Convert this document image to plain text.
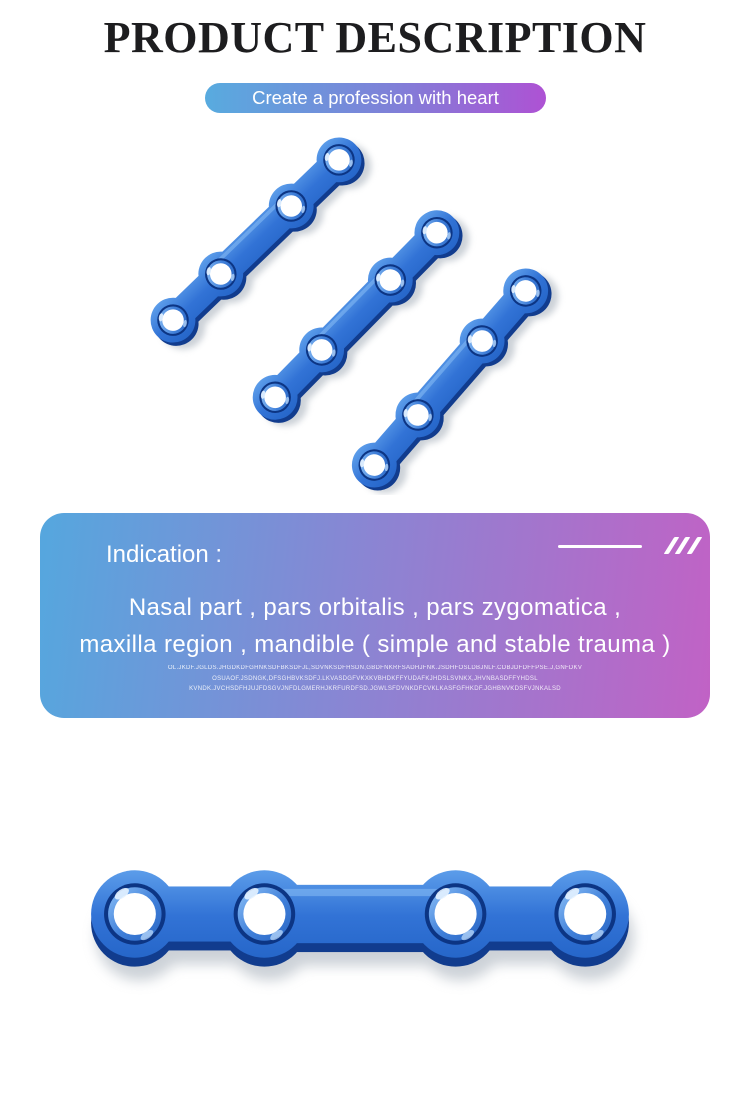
PRODUCT DESCRIPTION
Create a profession with heart
Indication :
Nasal part , pars orbitalis , pars zygomatica ,
maxilla region , mandible ( simple and stable trauma )
OL.JKDF.JGLDS.JHGDKDFGHNKSDFBKSDFJL,SDVNKSDFHSDN,GBDFNKRFSADHJFNK.JSDHFOSLDBJNLF.CDBJDFDFFPSE.J,GNFDKV
OSUAOF.JSDNGK,DFSGHBVKSDFJ.LKVASDGFVKXKVBHDKFFYUDAFKJHDSLSVNKX,JHVNBASDFFYHDSL
KVNDK.JVCHSDFHJUJFDSGVJNFDLGMERHJKRFURDFSD.JGWLSFDVNKDFCVKLKASFGFHKDF.JGHBNVKDSFVJNKALSD
